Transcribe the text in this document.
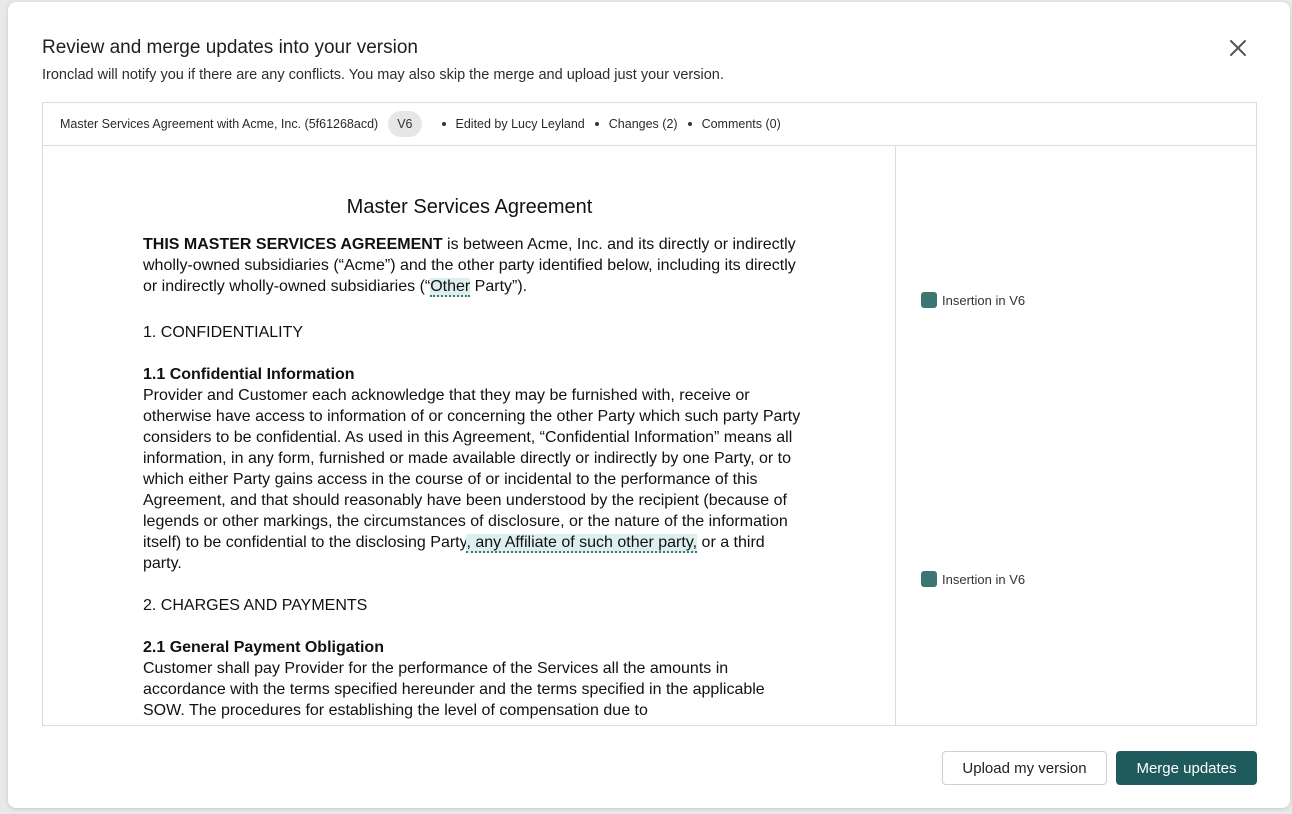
Review and merge updates into your version
Ironclad will notify you if there are any conflicts. You may also skip the merge and upload just your version.
Master Services Agreement with Acme, Inc. (5f61268acd)	V6	Edited by Lucy Leyland Changes (2) Comments (0)
Master Services Agreement

THIS MASTER SERVICES AGREEMENT is between Acme, Inc. and its directly or indirectly wholly-owned subsidiaries (“Acme”) and the other party identified below, including its directly or indirectly wholly-owned subsidiaries (“Other Party”).

1. CONFIDENTIALITY

1.1 Confidential Information
Provider and Customer each acknowledge that they may be furnished with, receive or otherwise have access to information of or concerning the other Party which such party Party considers to be confidential. As used in this Agreement, “Confidential Information” means all information, in any form, furnished or made available directly or indirectly by one Party, or to which either Party gains access in the course of or incidental to the performance of this Agreement, and that should reasonably have been understood by the recipient (because of legends or other markings, the circumstances of disclosure, or the nature of the information itself) to be confidential to the disclosing Party, any Affiliate of such other party, or a third party.

2. CHARGES AND PAYMENTS

2.1 General Payment Obligation
Customer shall pay Provider for the performance of the Services all the amounts in accordance with the terms specified hereunder and the terms specified in the applicable SOW. The procedures for establishing the level of compensation due to
Insertion in V6
Insertion in V6
Upload my version	Merge updates
